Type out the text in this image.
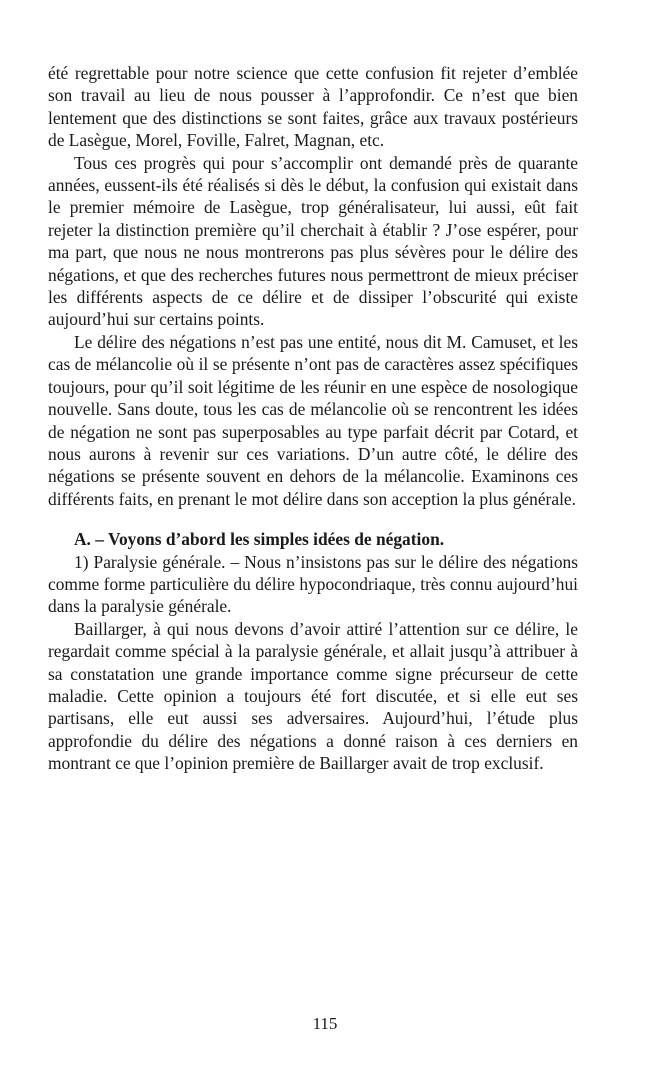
été regrettable pour notre science que cette confusion fit rejeter d’emblée son travail au lieu de nous pousser à l’approfondir. Ce n’est que bien lentement que des distinctions se sont faites, grâce aux travaux postérieurs de Lasègue, Morel, Foville, Falret, Magnan, etc.

Tous ces progrès qui pour s’accomplir ont demandé près de quarante années, eussent-ils été réalisés si dès le début, la confusion qui existait dans le premier mémoire de Lasègue, trop généralisateur, lui aussi, eût fait rejeter la distinction première qu’il cherchait à établir ? J’ose espérer, pour ma part, que nous ne nous montrerons pas plus sévères pour le délire des négations, et que des recherches futures nous permettront de mieux préciser les différents aspects de ce délire et de dissiper l’obscurité qui existe aujourd’hui sur certains points.

Le délire des négations n’est pas une entité, nous dit M. Camuset, et les cas de mélancolie où il se présente n’ont pas de caractères assez spécifiques toujours, pour qu’il soit légitime de les réunir en une espèce de nosologique nouvelle. Sans doute, tous les cas de mélancolie où se rencontrent les idées de négation ne sont pas superposables au type parfait décrit par Cotard, et nous aurons à revenir sur ces variations. D’un autre côté, le délire des négations se présente souvent en dehors de la mélancolie. Examinons ces différents faits, en prenant le mot délire dans son acception la plus générale.

A. – Voyons d’abord les simples idées de négation.

1) Paralysie générale. – Nous n’insistons pas sur le délire des négations comme forme particulière du délire hypocondriaque, très connu aujourd’hui dans la paralysie générale.

Baillarger, à qui nous devons d’avoir attiré l’attention sur ce délire, le regardait comme spécial à la paralysie générale, et allait jusqu’à attribuer à sa constatation une grande importance comme signe précurseur de cette maladie. Cette opinion a toujours été fort discutée, et si elle eut ses partisans, elle eut aussi ses adversaires. Aujourd’hui, l’étude plus approfondie du délire des négations a donné raison à ces derniers en montrant ce que l’opinion première de Baillarger avait de trop exclusif.

115
